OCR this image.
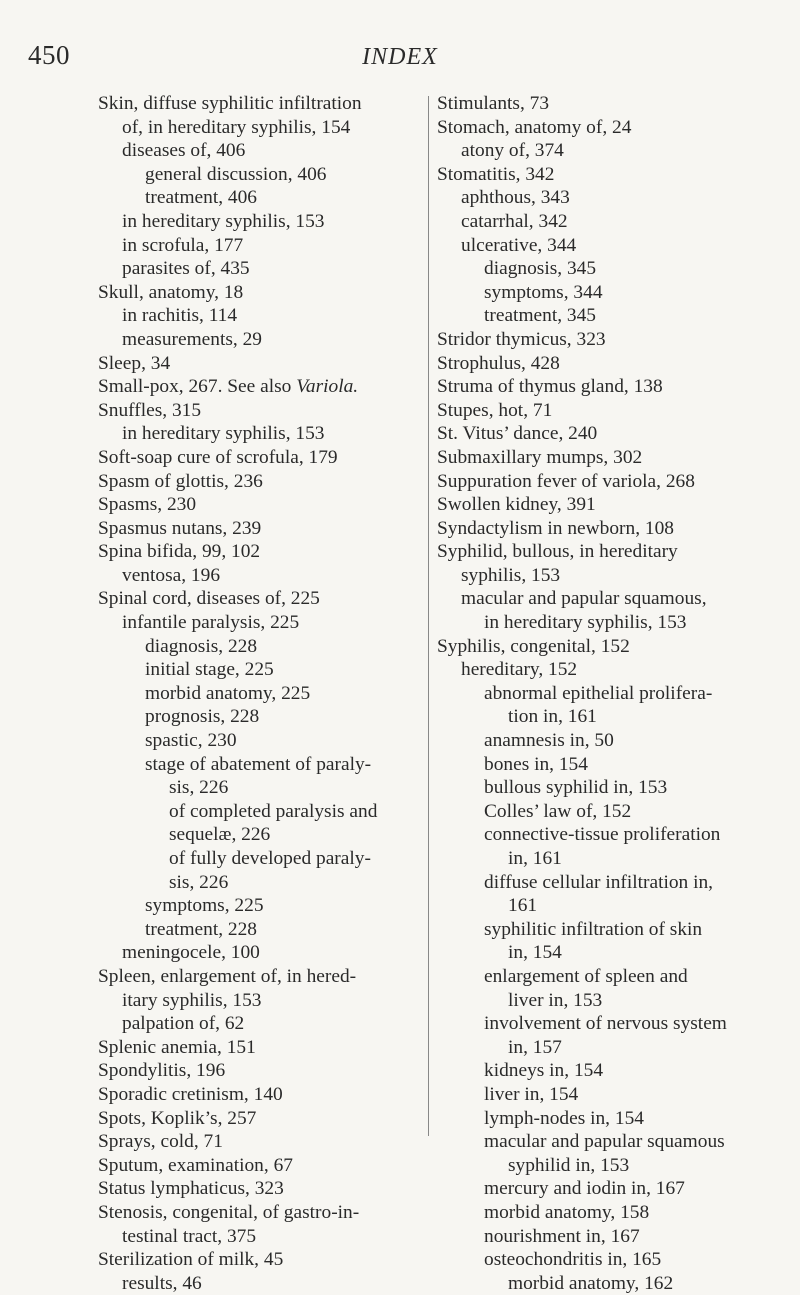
450	INDEX
Skin, diffuse syphilitic infiltration
of, in hereditary syphilis, 154
diseases of, 406
general discussion, 406
treatment, 406
in hereditary syphilis, 153
in scrofula, 177
parasites of, 435
Skull, anatomy, 18
in rachitis, 114
measurements, 29
Sleep, 34
Small-pox, 267. See also Variola.
Snuffles, 315
in hereditary syphilis, 153
Soft-soap cure of scrofula, 179
Spasm of glottis, 236
Spasms, 230
Spasmus nutans, 239
Spina bifida, 99, 102
ventosa, 196
Spinal cord, diseases of, 225
infantile paralysis, 225
diagnosis, 228
initial stage, 225
morbid anatomy, 225
prognosis, 228
spastic, 230
stage of abatement of paraly-
sis, 226
of completed paralysis and
sequelæ, 226
of fully developed paraly-
sis, 226
symptoms, 225
treatment, 228
meningocele, 100
Spleen, enlargement of, in hered-
itary syphilis, 153
palpation of, 62
Splenic anemia, 151
Spondylitis, 196
Sporadic cretinism, 140
Spots, Koplik’s, 257
Sprays, cold, 71
Sputum, examination, 67
Status lymphaticus, 323
Stenosis, congenital, of gastro-in-
testinal tract, 375
Sterilization of milk, 45
results, 46
Stimulants, 73
Stomach, anatomy of, 24
atony of, 374
Stomatitis, 342
aphthous, 343
catarrhal, 342
ulcerative, 344
diagnosis, 345
symptoms, 344
treatment, 345
Stridor thymicus, 323
Strophulus, 428
Struma of thymus gland, 138
Stupes, hot, 71
St. Vitus’ dance, 240
Submaxillary mumps, 302
Suppuration fever of variola, 268
Swollen kidney, 391
Syndactylism in newborn, 108
Syphilid, bullous, in hereditary
syphilis, 153
macular and papular squamous,
in hereditary syphilis, 153
Syphilis, congenital, 152
hereditary, 152
abnormal epithelial prolifera-
tion in, 161
anamnesis in, 50
bones in, 154
bullous syphilid in, 153
Colles’ law of, 152
connective-tissue proliferation
in, 161
diffuse cellular infiltration in,
161
syphilitic infiltration of skin
in, 154
enlargement of spleen and
liver in, 153
involvement of nervous system
in, 157
kidneys in, 154
liver in, 154
lymph-nodes in, 154
macular and papular squamous
syphilid in, 153
mercury and iodin in, 167
morbid anatomy, 158
nourishment in, 167
osteochondritis in, 165
morbid anatomy, 162
